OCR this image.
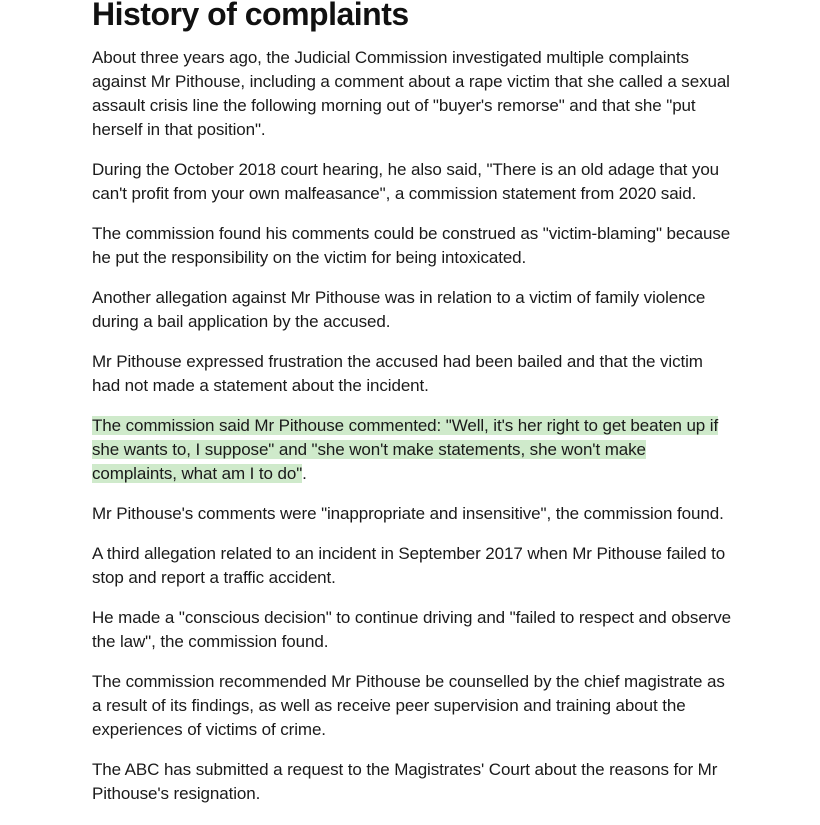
History of complaints

About three years ago, the Judicial Commission investigated multiple complaints against Mr Pithouse, including a comment about a rape victim that she called a sexual assault crisis line the following morning out of "buyer's remorse" and that she "put herself in that position".

During the October 2018 court hearing, he also said, "There is an old adage that you can't profit from your own malfeasance", a commission statement from 2020 said.

The commission found his comments could be construed as "victim-blaming" because he put the responsibility on the victim for being intoxicated.

Another allegation against Mr Pithouse was in relation to a victim of family violence during a bail application by the accused.

Mr Pithouse expressed frustration the accused had been bailed and that the victim had not made a statement about the incident.

The commission said Mr Pithouse commented: "Well, it's her right to get beaten up if she wants to, I suppose" and "she won't make statements, she won't make complaints, what am I to do".

Mr Pithouse's comments were "inappropriate and insensitive", the commission found.

A third allegation related to an incident in September 2017 when Mr Pithouse failed to stop and report a traffic accident.

He made a "conscious decision" to continue driving and "failed to respect and observe the law", the commission found.

The commission recommended Mr Pithouse be counselled by the chief magistrate as a result of its findings, as well as receive peer supervision and training about the experiences of victims of crime.

The ABC has submitted a request to the Magistrates' Court about the reasons for Mr Pithouse's resignation.
